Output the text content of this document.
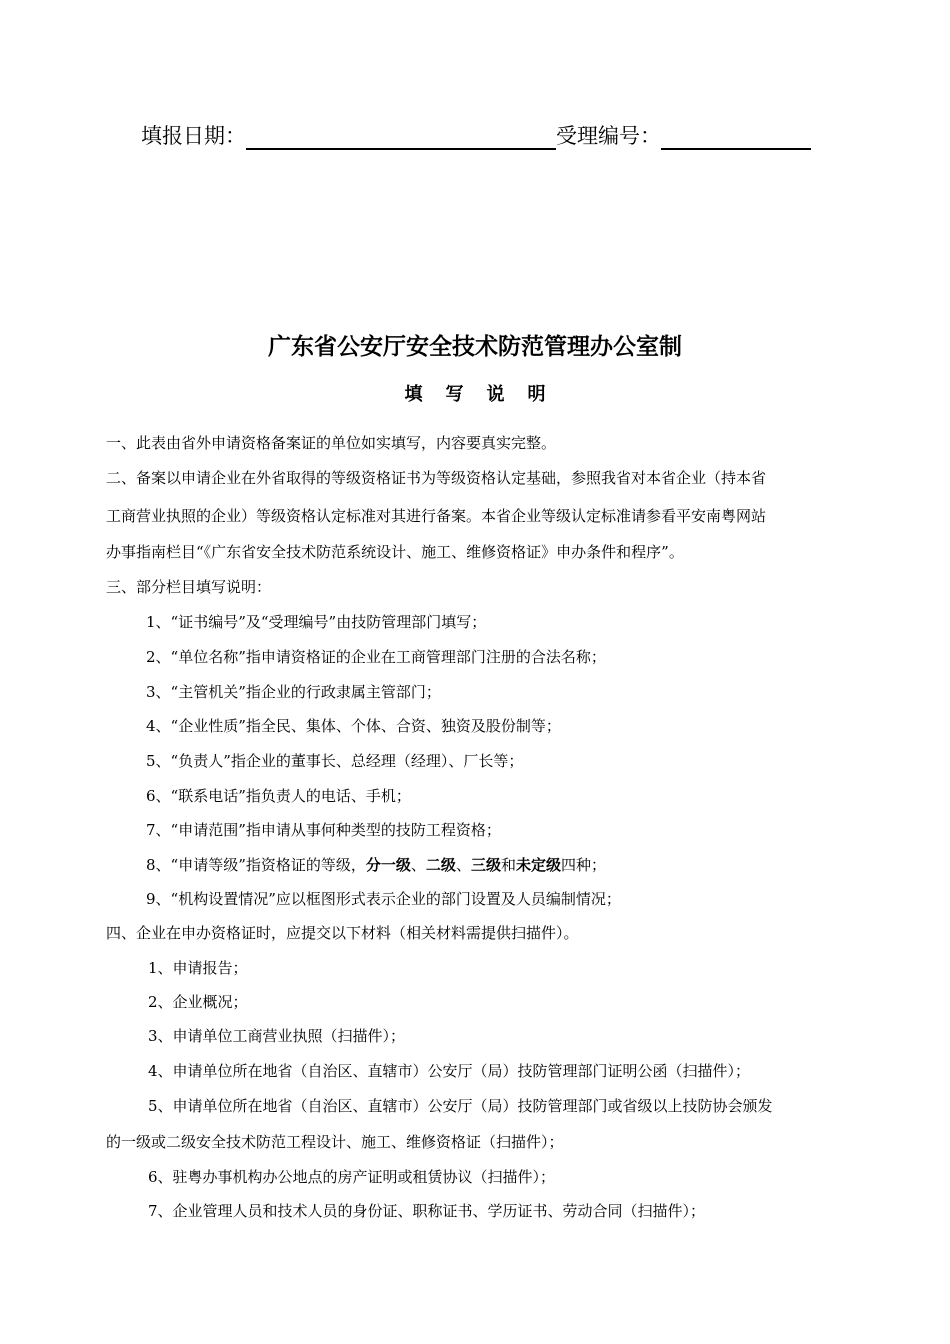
填报日期：	受理编号：
广东省公安厅安全技术防范管理办公室制
填写说明
一、此表由省外申请资格备案证的单位如实填写，内容要真实完整。
二、备案以申请企业在外省取得的等级资格证书为等级资格认定基础，参照我省对本省企业（持本省
工商营业执照的企业）等级资格认定标准对其进行备案。本省企业等级认定标准请参看平安南粤网站
办事指南栏目“《广东省安全技术防范系统设计、施工、维修资格证》申办条件和程序”。
三、部分栏目填写说明：
1、“证书编号”及“受理编号”由技防管理部门填写；
2、“单位名称”指申请资格证的企业在工商管理部门注册的合法名称；
3、“主管机关”指企业的行政隶属主管部门；
4、“企业性质”指全民、集体、个体、合资、独资及股份制等；
5、“负责人”指企业的董事长、总经理（经理）、厂长等；
6、“联系电话”指负责人的电话、手机；
7、“申请范围”指申请从事何种类型的技防工程资格；
8、“申请等级”指资格证的等级，分一级、二级、三级和未定级四种；
9、“机构设置情况”应以框图形式表示企业的部门设置及人员编制情况；
四、企业在申办资格证时，应提交以下材料（相关材料需提供扫描件）。
1、申请报告；
2、企业概况；
3、申请单位工商营业执照（扫描件）；
4、申请单位所在地省（自治区、直辖市）公安厅（局）技防管理部门证明公函（扫描件）；
5、申请单位所在地省（自治区、直辖市）公安厅（局）技防管理部门或省级以上技防协会颁发
的一级或二级安全技术防范工程设计、施工、维修资格证（扫描件）；
6、驻粤办事机构办公地点的房产证明或租赁协议（扫描件）；
7、企业管理人员和技术人员的身份证、职称证书、学历证书、劳动合同（扫描件）；
